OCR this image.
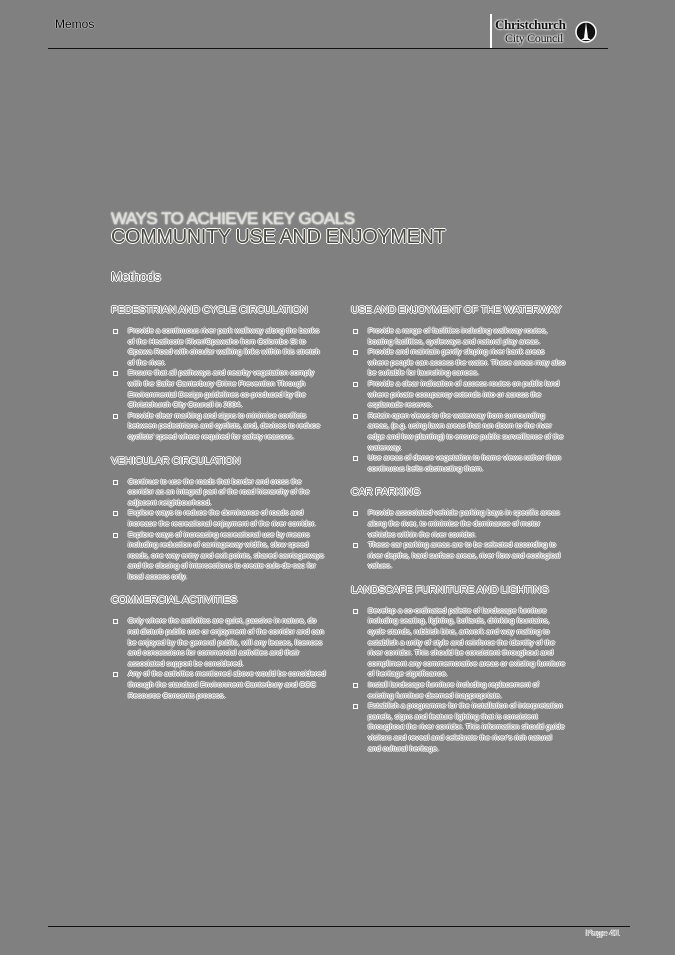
Memos	Christchurch
City Council
WAYS TO ACHIEVE KEY GOALS
COMMUNITY USE AND ENJOYMENT
Methods
PEDESTRIAN AND CYCLE CIRCULATION
Provide a continuous river park walkway along the banks of the Heathcote River/Opawaho from Colombo St to Opawa Road with circular walking links within this stretch of the river.
Ensure that all pathways and nearby vegetation comply with the Safer Canterbury Crime Prevention Through Environmental Design guidelines co-produced by the Christchurch City Council in 2004.
Provide clear marking and signs to minimise conflicts between pedestrians and cyclists, and, devices to reduce cyclists' speed where required for safety reasons.
VEHICULAR CIRCULATION
Continue to use the roads that border and cross the corridor as an integral part of the road hierarchy of the adjacent neighbourhood.
Explore ways to reduce the dominance of roads and increase the recreational enjoyment of the river corridor.
Explore ways of increasing recreational use by means including reduction of carriageway widths, slow speed roads, one way entry and exit points, shared carriageways and the closing of intersections to create culs-de-sac for local access only.
COMMERCIAL ACTIVITIES
Only where the activities are quiet, passive in nature, do not disturb public use or enjoyment of the corridor and can be enjoyed by the general public, will any leases, licences and concessions for commercial activities and their associated support be considered.
Any of the activities mentioned above would be considered through the standard Environment Canterbury and CCC Resource Consents process.
USE AND ENJOYMENT OF THE WATERWAY
Provide a range of facilities including walkway routes, boating facilities, cycleways and natural play areas.
Provide and maintain gently sloping river bank areas where people can access the water. These areas may also be suitable for launching canoes.
Provide a clear indication of access routes on public land where private occupancy extends into or across the esplanade reserve.
Retain open views to the waterway from surrounding areas, (e.g. using lawn areas that run down to the river edge and low planting) to ensure public surveillance of the waterway.
Use areas of dense vegetation to frame views rather than continuous belts obstructing them.
CAR PARKING
Provide associated vehicle parking bays in specific areas along the river, to minimise the dominance of motor vehicles within the river corridor.
These car parking areas are to be selected according to river depths, hard surface areas, river flow and ecological values.
LANDSCAPE FURNITURE AND LIGHTING
Develop a co-ordinated palette of landscape furniture including seating, lighting, bollards, drinking fountains, cycle stands, rubbish bins, artwork and way making to establish a unity of style and reinforce the identity of the river corridor. This should be consistent throughout and compliment any commemorative areas or existing furniture of heritage significance.
Install landscape furniture including replacement of existing furniture deemed inappropriate.
Establish a programme for the installation of interpretation panels, signs and feature lighting that is consistent throughout the river corridor. This information should guide visitors and reveal and celebrate the river's rich natural and cultural heritage.
Page 41
